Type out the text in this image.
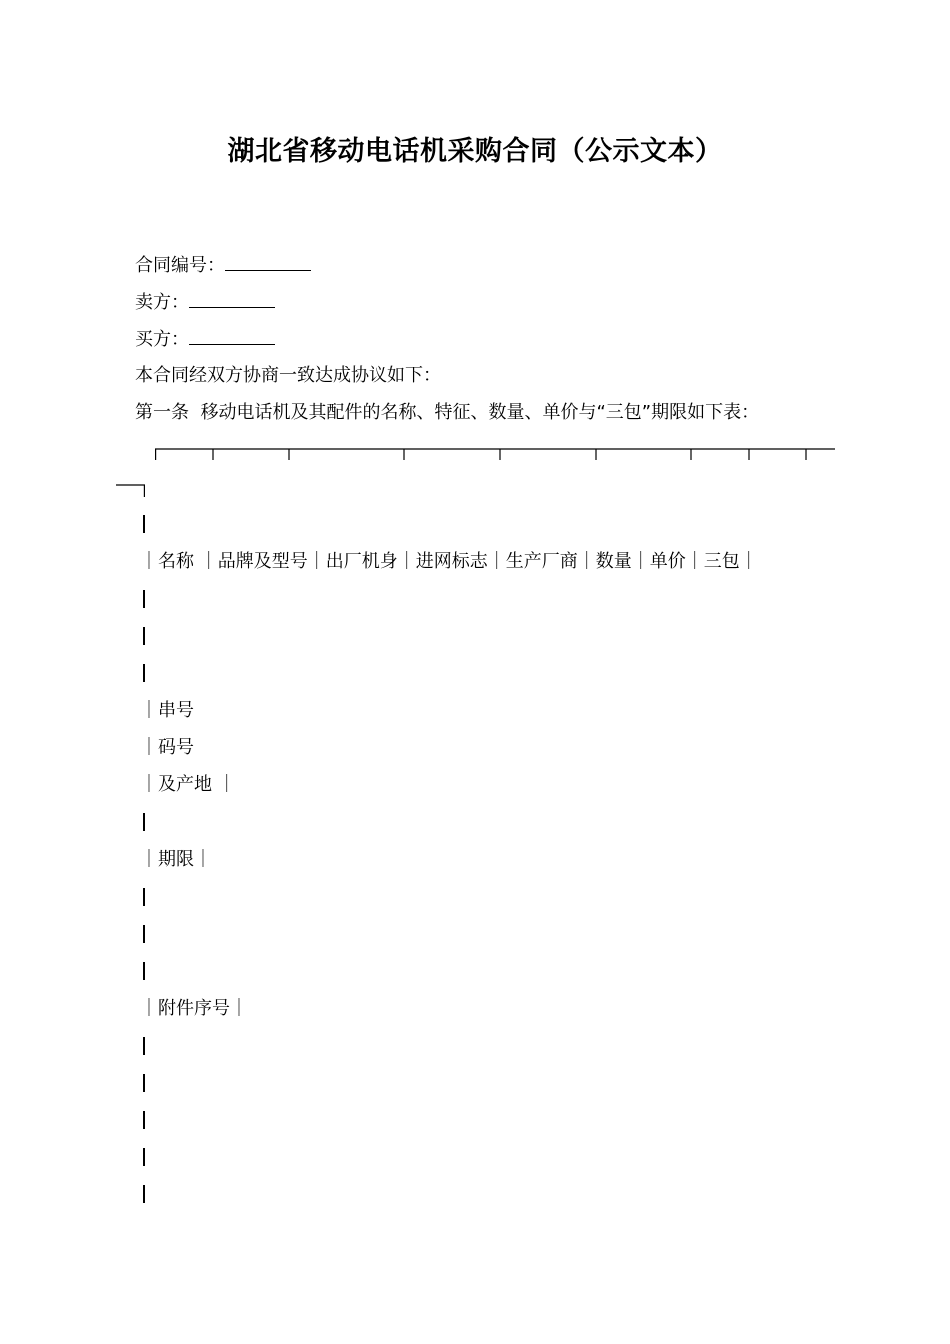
湖北省移动电话机采购合同（公示文本）
合同编号：
卖方：
买方：
本合同经双方协商一致达成协议如下：
第一条  移动电话机及其配件的名称、特征、数量、单价与“三包”期限如下表：
｜名称 ｜品牌及型号｜出厂机身｜进网标志｜生产厂商｜数量｜单价｜三包｜
｜串号
｜码号
｜及产地 ｜
｜期限｜
｜附件序号｜
